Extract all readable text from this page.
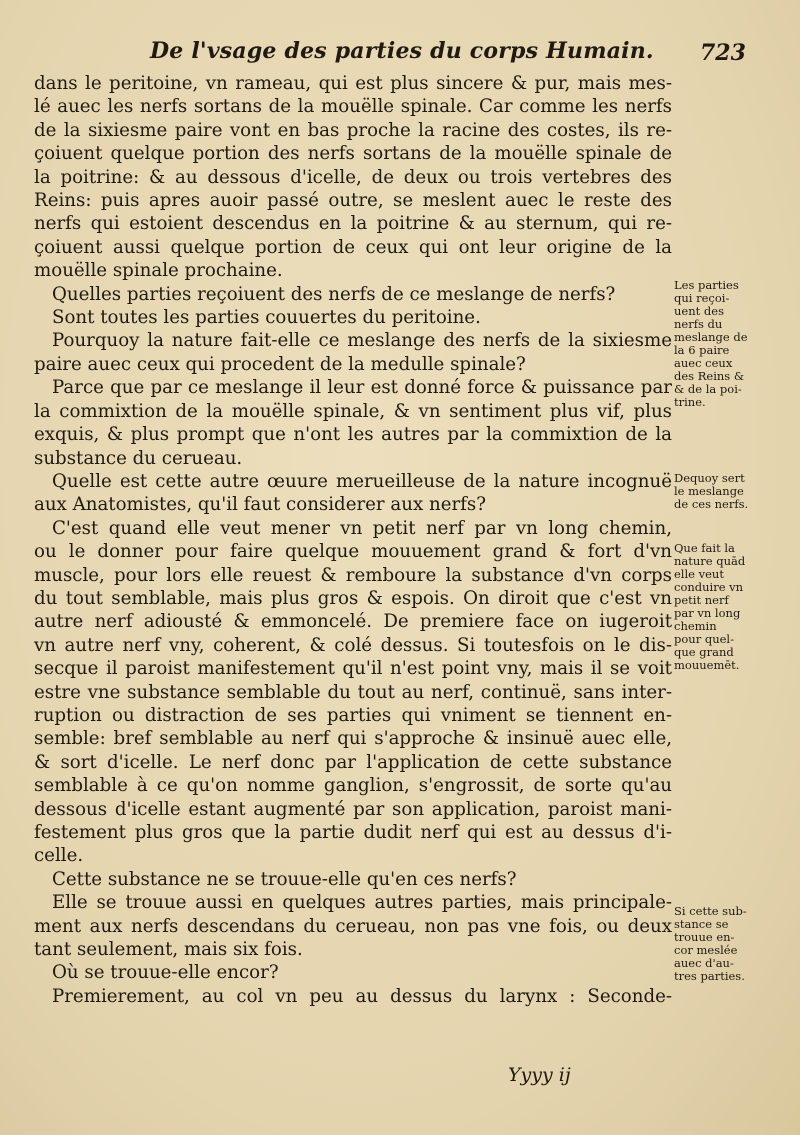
De l'vsage des parties du corps Humain.	723
dans le peritoine, vn rameau, qui est plus sincere & pur, mais mes-
lé auec les nerfs sortans de la mouëlle spinale. Car comme les nerfs
de la sixiesme paire vont en bas proche la racine des costes, ils re-
çoiuent quelque portion des nerfs sortans de la mouëlle spinale de
la poitrine: & au dessous d'icelle, de deux ou trois vertebres des
Reins: puis apres auoir passé outre, se meslent auec le reste des
nerfs qui estoient descendus en la poitrine & au sternum, qui re-
çoiuent aussi quelque portion de ceux qui ont leur origine de la
mouëlle spinale prochaine.
Quelles parties reçoiuent des nerfs de ce meslange de nerfs?
Sont toutes les parties couuertes du peritoine.
Pourquoy la nature fait-elle ce meslange des nerfs de la sixiesme
paire auec ceux qui procedent de la medulle spinale?
Parce que par ce meslange il leur est donné force & puissance par
la commixtion de la mouëlle spinale, & vn sentiment plus vif, plus
exquis, & plus prompt que n'ont les autres par la commixtion de la
substance du cerueau.
Quelle est cette autre œuure merueilleuse de la nature incognuë
aux Anatomistes, qu'il faut considerer aux nerfs?
C'est quand elle veut mener vn petit nerf par vn long chemin,
ou le donner pour faire quelque mouuement grand & fort d'vn
muscle, pour lors elle reuest & remboure la substance d'vn corps
du tout semblable, mais plus gros & espois. On diroit que c'est vn
autre nerf adiousté & emmoncelé. De premiere face on iugeroit
vn autre nerf vny, coherent, & colé dessus. Si toutesfois on le dis-
secque il paroist manifestement qu'il n'est point vny, mais il se voit
estre vne substance semblable du tout au nerf, continuë, sans inter-
ruption ou distraction de ses parties qui vniment se tiennent en-
semble: bref semblable au nerf qui s'approche & insinuë auec elle,
& sort d'icelle. Le nerf donc par l'application de cette substance
semblable à ce qu'on nomme ganglion, s'engrossit, de sorte qu'au
dessous d'icelle estant augmenté par son application, paroist mani-
festement plus gros que la partie dudit nerf qui est au dessus d'i-
celle.
Cette substance ne se trouue-elle qu'en ces nerfs?
Elle se trouue aussi en quelques autres parties, mais principale-
ment aux nerfs descendans du cerueau, non pas vne fois, ou deux
tant seulement, mais six fois.
Où se trouue-elle encor?
Premierement, au col vn peu au dessus du larynx : Seconde-
Les parties
qui reçoi-
uent des
nerfs du
meslange de
la 6 paire
auec ceux
des Reins &
& de la poi-
trine.
Dequoy sert
le meslange
de ces nerfs.
Que fait la
nature quād
elle veut
conduire vn
petit nerf
par vn long
chemin
pour quel-
que grand
mouuemēt.
Si cette sub-
stance se
trouue en-
cor meslée
auec d'au-
tres parties.
Yyyy ij
